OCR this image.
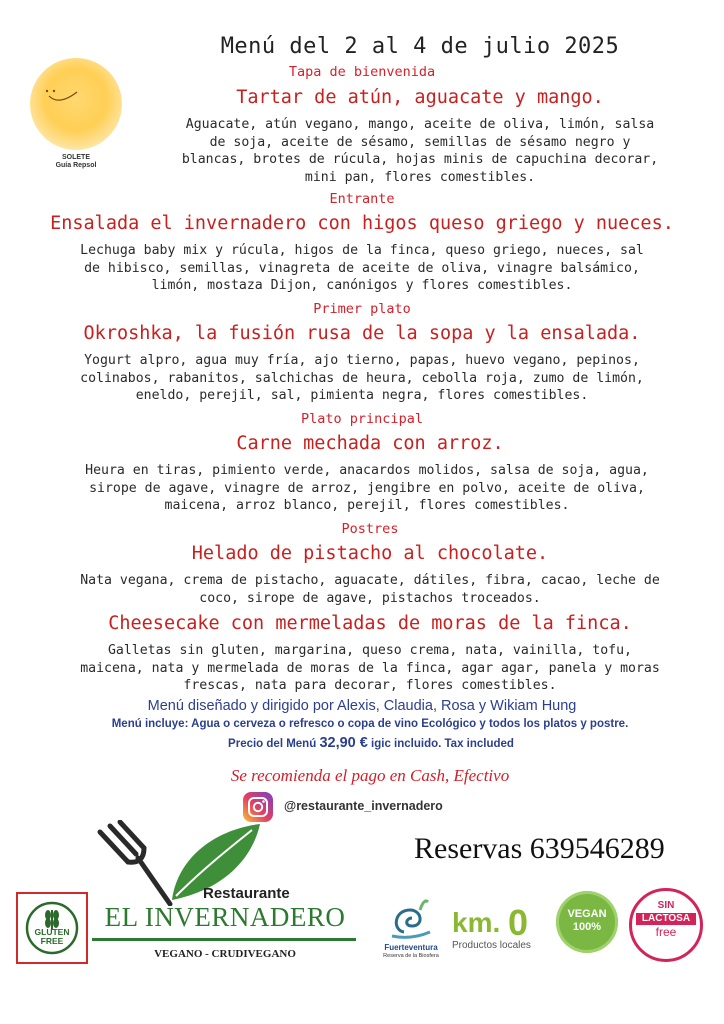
SOLETE
Guía Repsol
Menú del 2 al 4 de julio 2025
Tapa de bienvenida
Tartar de atún, aguacate y mango.
Aguacate, atún vegano, mango, aceite de oliva, limón, salsa
de soja, aceite de sésamo, semillas de sésamo negro y
blancas, brotes de rúcula, hojas minis de capuchina decorar,
mini pan, flores comestibles.
Entrante
Ensalada el invernadero con higos queso griego y nueces.
Lechuga baby mix y rúcula, higos de la finca, queso griego, nueces, sal
de hibisco, semillas, vinagreta de aceite de oliva, vinagre balsámico,
limón, mostaza Dijon, canónigos y flores comestibles.
Primer plato
Okroshka, la fusión rusa de la sopa y la ensalada.
Yogurt alpro, agua muy fría, ajo tierno, papas, huevo vegano, pepinos,
colinabos, rabanitos, salchichas de heura, cebolla roja, zumo de limón,
eneldo, perejil, sal, pimienta negra, flores comestibles.
Plato principal
Carne mechada con arroz.
Heura en tiras, pimiento verde, anacardos molidos, salsa de soja, agua,
sirope de agave, vinagre de arroz, jengibre en polvo, aceite de oliva,
maicena, arroz blanco, perejil, flores comestibles.
Postres
Helado de pistacho al chocolate.
Nata vegana, crema de pistacho, aguacate, dátiles, fibra, cacao, leche de
coco, sirope de agave, pistachos troceados.
Cheesecake con mermeladas de moras de la finca.
Galletas sin gluten, margarina, queso crema, nata, vainilla, tofu,
maicena, nata y mermelada de moras de la finca, agar agar, panela y moras
frescas, nata para decorar, flores comestibles.
Menú diseñado y dirigido por Alexis, Claudia, Rosa y Wikiam Hung
Menú incluye: Agua o cerveza o refresco o copa de vino Ecológico y todos los platos y postre.
Precio del Menú 32,90 € igic incluido. Tax included
Se recomienda el pago en Cash, Efectivo
@restaurante_invernadero
Reservas 639546289
Restaurante
EL INVERNADERO
VEGANO - CRUDIVEGANO
GLUTEN
FREE
Fuerteventura
Reserva de la Biosfera
km. 0
Productos locales
VEGAN
100%
SIN
LACTOSA
free
